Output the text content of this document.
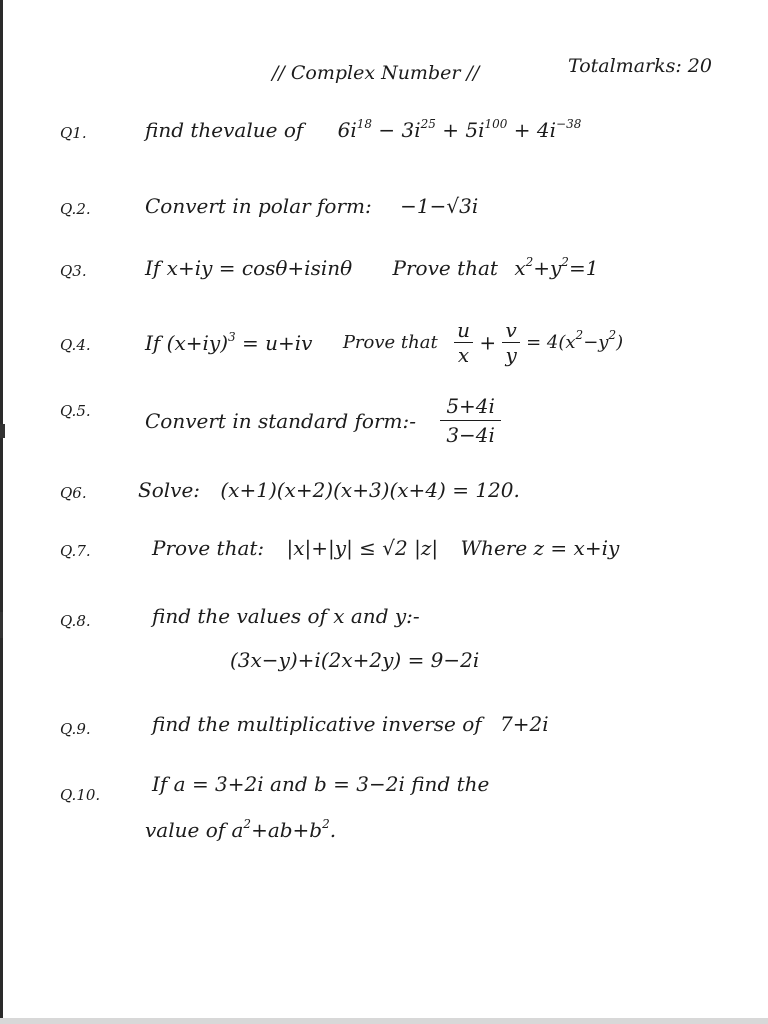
// Complex Number //	Totalmarks: 20
Q1.	find thevalue of $6i^{18} - 3i^{25} + 5i^{100} + 4i^{-38}$
Q.2.	Convert in polar form: −1−√3i
Q3.	If x+iy = cosθ+isinθ Prove that $x^2+y^2=1$
Q.4.	If $(x+iy)^3 = u+iv$ Prove that $\frac{u}{x} + \frac{v}{y} = 4(x^2-y^2)$
Q.5.	Convert in standard form:- $\frac{5+4i}{3-4i}$
Q6.	Solve: (x+1)(x+2)(x+3)(x+4) = 120.
Q.7.	Prove that: |x|+|y| ≤ √2 |z| Where z = x+iy
Q.8.	find the values of x and y:-
(3x−y)+i(2x+2y) = 9−2i
Q.9.	find the multiplicative inverse of 7+2i
Q.10.	If a = 3+2i and b = 3−2i find the
value of $a^2+ab+b^2$.
